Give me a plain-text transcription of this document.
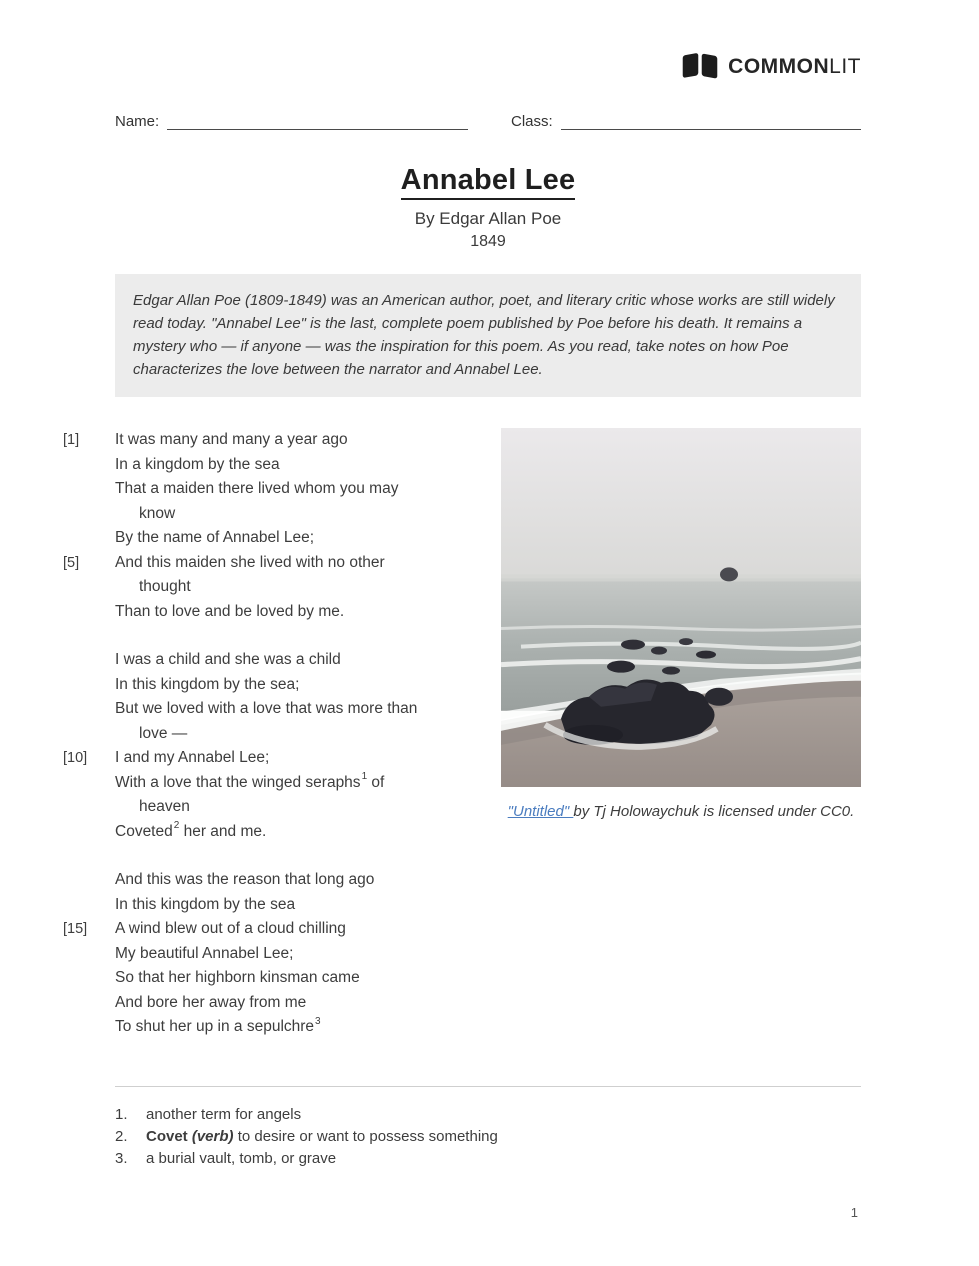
COMMONLIT
Name:	Class:
Annabel Lee
By Edgar Allan Poe
1849
Edgar Allan Poe (1809-1849) was an American author, poet, and literary critic whose works are still widely read today. "Annabel Lee" is the last, complete poem published by Poe before his death. It remains a mystery who — if anyone — was the inspiration for this poem. As you read, take notes on how Poe characterizes the love between the narrator and Annabel Lee.
[1]	It was many and many a year ago
In a kingdom by the sea
That a maiden there lived whom you may
know
By the name of Annabel Lee;
[5]	And this maiden she lived with no other
thought
Than to love and be loved by me.
I was a child and she was a child
In this kingdom by the sea;
But we loved with a love that was more than
love —
[10]	I and my Annabel Lee;
With a love that the winged seraphs$^1$ of
heaven
Coveted$^2$ her and me.
And this was the reason that long ago
In this kingdom by the sea
[15]	A wind blew out of a cloud chilling
My beautiful Annabel Lee;
So that her highborn kinsman came
And bore her away from me
To shut her up in a sepulchre$^3$
"Untitled" by Tj Holowaychuk is licensed under CC0.
1.	another term for angels
2.	Covet (verb) to desire or want to possess something
3.	a burial vault, tomb, or grave
1
